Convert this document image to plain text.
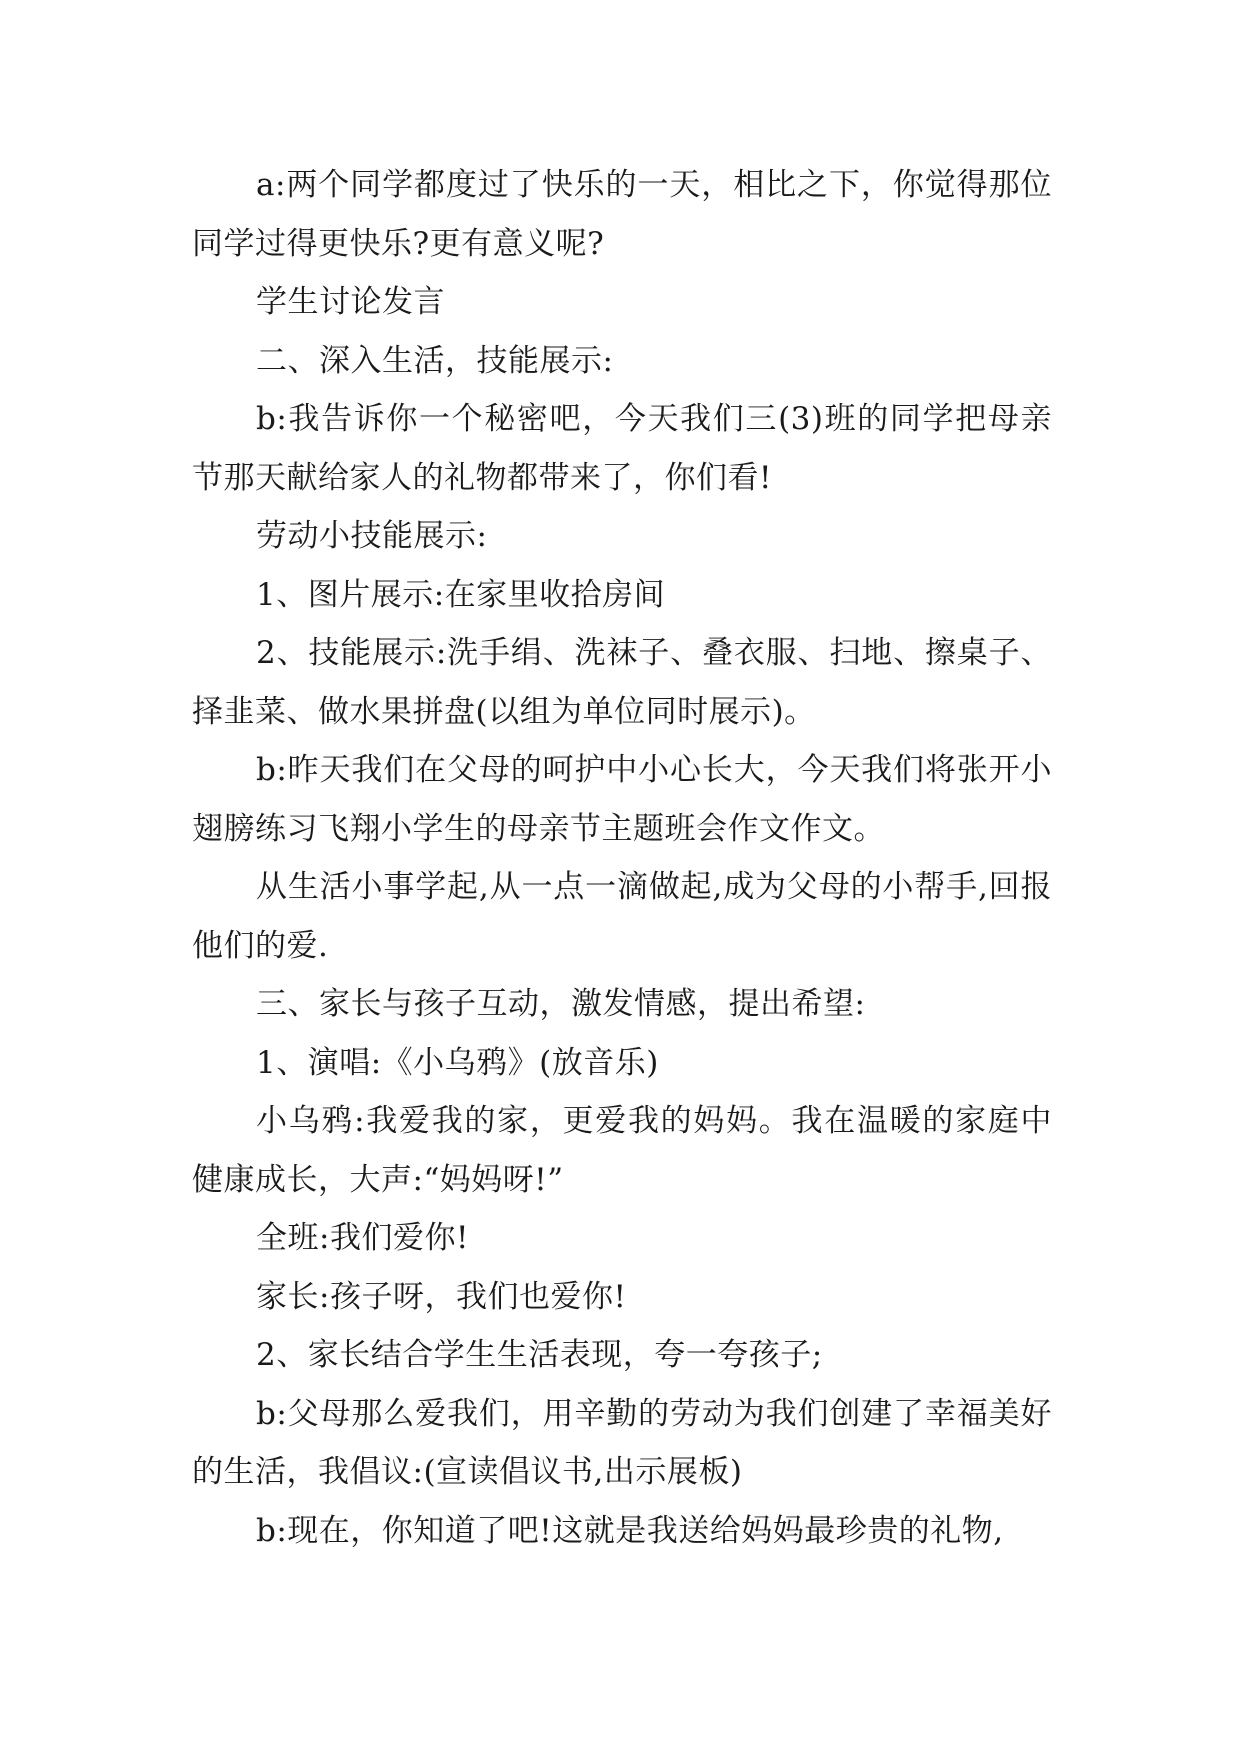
a:两个同学都度过了快乐的一天，相比之下，你觉得那位同学过得更快乐?更有意义呢?

学生讨论发言

二、深入生活，技能展示:

b:我告诉你一个秘密吧，今天我们三(3)班的同学把母亲节那天献给家人的礼物都带来了，你们看!

劳动小技能展示:

1、图片展示:在家里收拾房间

2、技能展示:洗手绢、洗袜子、叠衣服、扫地、擦桌子、择韭菜、做水果拼盘(以组为单位同时展示)。

b:昨天我们在父母的呵护中小心长大，今天我们将张开小翅膀练习飞翔小学生的母亲节主题班会作文作文。

从生活小事学起,从一点一滴做起,成为父母的小帮手,回报他们的爱.

三、家长与孩子互动，激发情感，提出希望:

1、演唱:《小乌鸦》(放音乐)

小乌鸦:我爱我的家，更爱我的妈妈。我在温暖的家庭中健康成长，大声:“妈妈呀!”

全班:我们爱你!

家长:孩子呀，我们也爱你!

2、家长结合学生生活表现，夸一夸孩子;

b:父母那么爱我们，用辛勤的劳动为我们创建了幸福美好的生活，我倡议:(宣读倡议书,出示展板)

b:现在，你知道了吧!这就是我送给妈妈最珍贵的礼物,
